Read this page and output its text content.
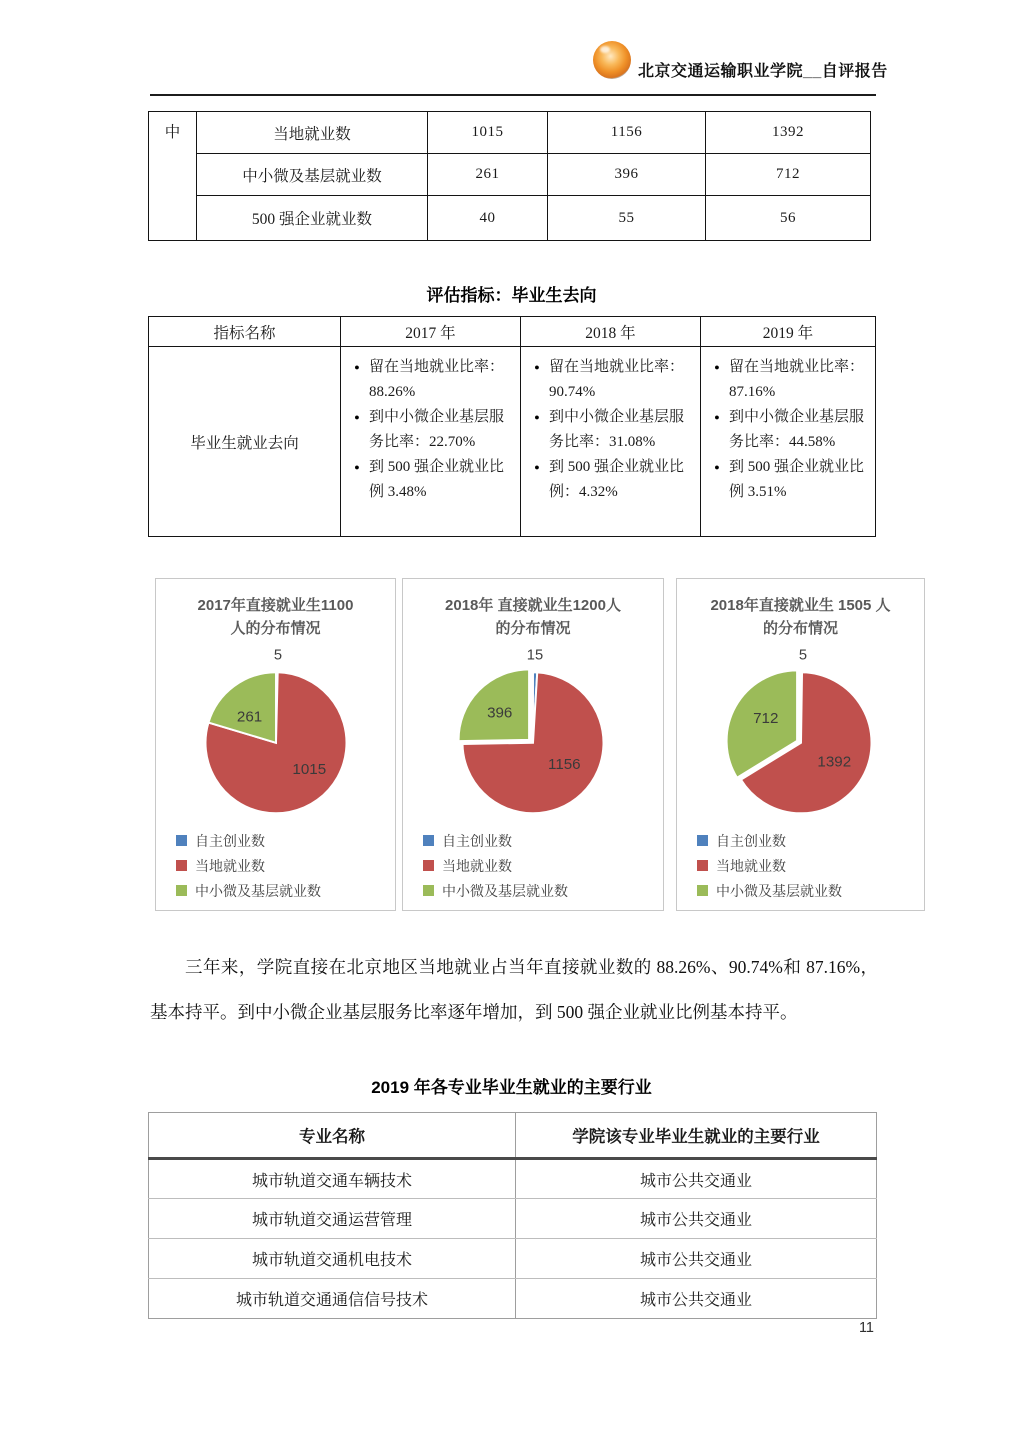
北京交通运输职业学院__自评报告
中	当地就业数	1015	1156	1392
	中小微及基层就业数	261	396	712
	500 强企业就业数	40	55	56
评估指标：毕业生去向
指标名称	2017 年	2018 年	2019 年
毕业生就业去向	
● 留在当地就业比率：88.26%
● 到中小微企业基层服务比率：22.70%
● 到 500 强企业就业比例 3.48%

● 留在当地就业比率：90.74%
● 到中小微企业基层服务比率：31.08%
● 到 500 强企业就业比例：4.32%

● 留在当地就业比率：87.16%
● 到中小微企业基层服务比率：44.58%
● 到 500 强企业就业比例 3.51%
2017年直接就业生1100
人的分布情况
5
261
1015
自主创业数
当地就业数
中小微及基层就业数
2018年 直接就业生1200人
的分布情况
15
396
1156
自主创业数
当地就业数
中小微及基层就业数
2018年直接就业生 1505 人
的分布情况
5
712
1392
自主创业数
当地就业数
中小微及基层就业数

三年来，学院直接在北京地区当地就业占当年直接就业数的 88.26%、90.74%和 87.16%，基本持平。到中小微企业基层服务比率逐年增加，到 500 强企业就业比例基本持平。

2019 年各专业毕业生就业的主要行业
专业名称	学院该专业毕业生就业的主要行业
城市轨道交通车辆技术	城市公共交通业
城市轨道交通运营管理	城市公共交通业
城市轨道交通机电技术	城市公共交通业
城市轨道交通通信信号技术	城市公共交通业
11
